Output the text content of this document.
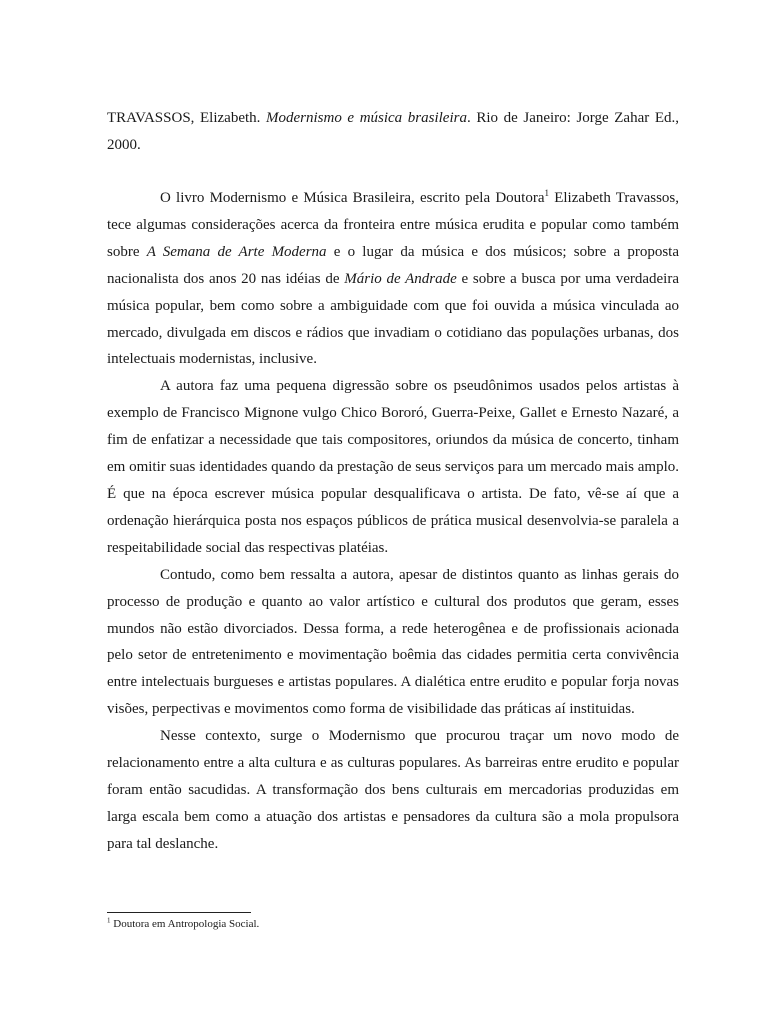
TRAVASSOS, Elizabeth. Modernismo e música brasileira. Rio de Janeiro: Jorge Zahar Ed., 2000.

O livro Modernismo e Música Brasileira, escrito pela Doutora$^1$ Elizabeth Travassos, tece algumas considerações acerca da fronteira entre música erudita e popular como também sobre A Semana de Arte Moderna e o lugar da música e dos músicos; sobre a proposta nacionalista dos anos 20 nas idéias de Mário de Andrade e sobre a busca por uma verdadeira música popular, bem como sobre a ambiguidade com que foi ouvida a música vinculada ao mercado, divulgada em discos e rádios que invadiam o cotidiano das populações urbanas, dos intelectuais modernistas, inclusive.

A autora faz uma pequena digressão sobre os pseudônimos usados pelos artistas à exemplo de Francisco Mignone vulgo Chico Bororó, Guerra-Peixe, Gallet e Ernesto Nazaré, a fim de enfatizar a necessidade que tais compositores, oriundos da música de concerto, tinham em omitir suas identidades quando da prestação de seus serviços para um mercado mais amplo. É que na época escrever música popular desqualificava o artista. De fato, vê-se aí que a ordenação hierárquica posta nos espaços públicos de prática musical desenvolvia-se paralela a respeitabilidade social das respectivas platéias.

Contudo, como bem ressalta a autora, apesar de distintos quanto as linhas gerais do processo de produção e quanto ao valor artístico e cultural dos produtos que geram, esses mundos não estão divorciados. Dessa forma, a rede heterogênea e de profissionais acionada pelo setor de entretenimento e movimentação boêmia das cidades permitia certa convivência entre intelectuais burgueses e artistas populares. A dialética entre erudito e popular forja novas visões, perpectivas e movimentos como forma de visibilidade das práticas aí instituidas.

Nesse contexto, surge o Modernismo que procurou traçar um novo modo de relacionamento entre a alta cultura e as culturas populares. As barreiras entre erudito e popular foram então sacudidas. A transformação dos bens culturais em mercadorias produzidas em larga escala bem como a atuação dos artistas e pensadores da cultura são a mola propulsora para tal deslanche.

$^1$ Doutora em Antropologia Social.
